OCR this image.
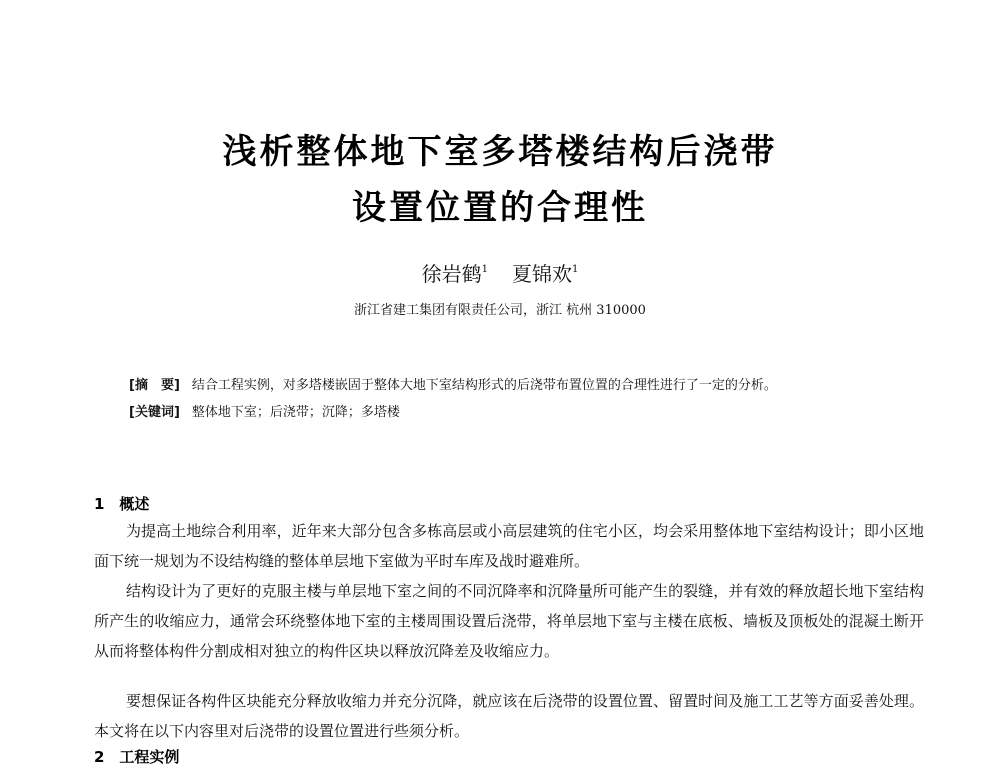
浅析整体地下室多塔楼结构后浇带
设置位置的合理性
徐岩鹤$^1$ 夏锦欢$^1$
浙江省建工集团有限责任公司，浙江 杭州 310000
[摘　要] 结合工程实例，对多塔楼嵌固于整体大地下室结构形式的后浇带布置位置的合理性进行了一定的分析。
[关键词] 整体地下室；后浇带；沉降；多塔楼
1　概述
为提高土地综合利用率，近年来大部分包含多栋高层或小高层建筑的住宅小区，均会采用整体地下室结构设计；即小区地面下统一规划为不设结构缝的整体单层地下室做为平时车库及战时避难所。
结构设计为了更好的克服主楼与单层地下室之间的不同沉降率和沉降量所可能产生的裂缝，并有效的释放超长地下室结构所产生的收缩应力，通常会环绕整体地下室的主楼周围设置后浇带，将单层地下室与主楼在底板、墙板及顶板处的混凝土断开从而将整体构件分割成相对独立的构件区块以释放沉降差及收缩应力。
要想保证各构件区块能充分释放收缩力并充分沉降，就应该在后浇带的设置位置、留置时间及施工工艺等方面妥善处理。本文将在以下内容里对后浇带的设置位置进行些须分析。
2　工程实例
